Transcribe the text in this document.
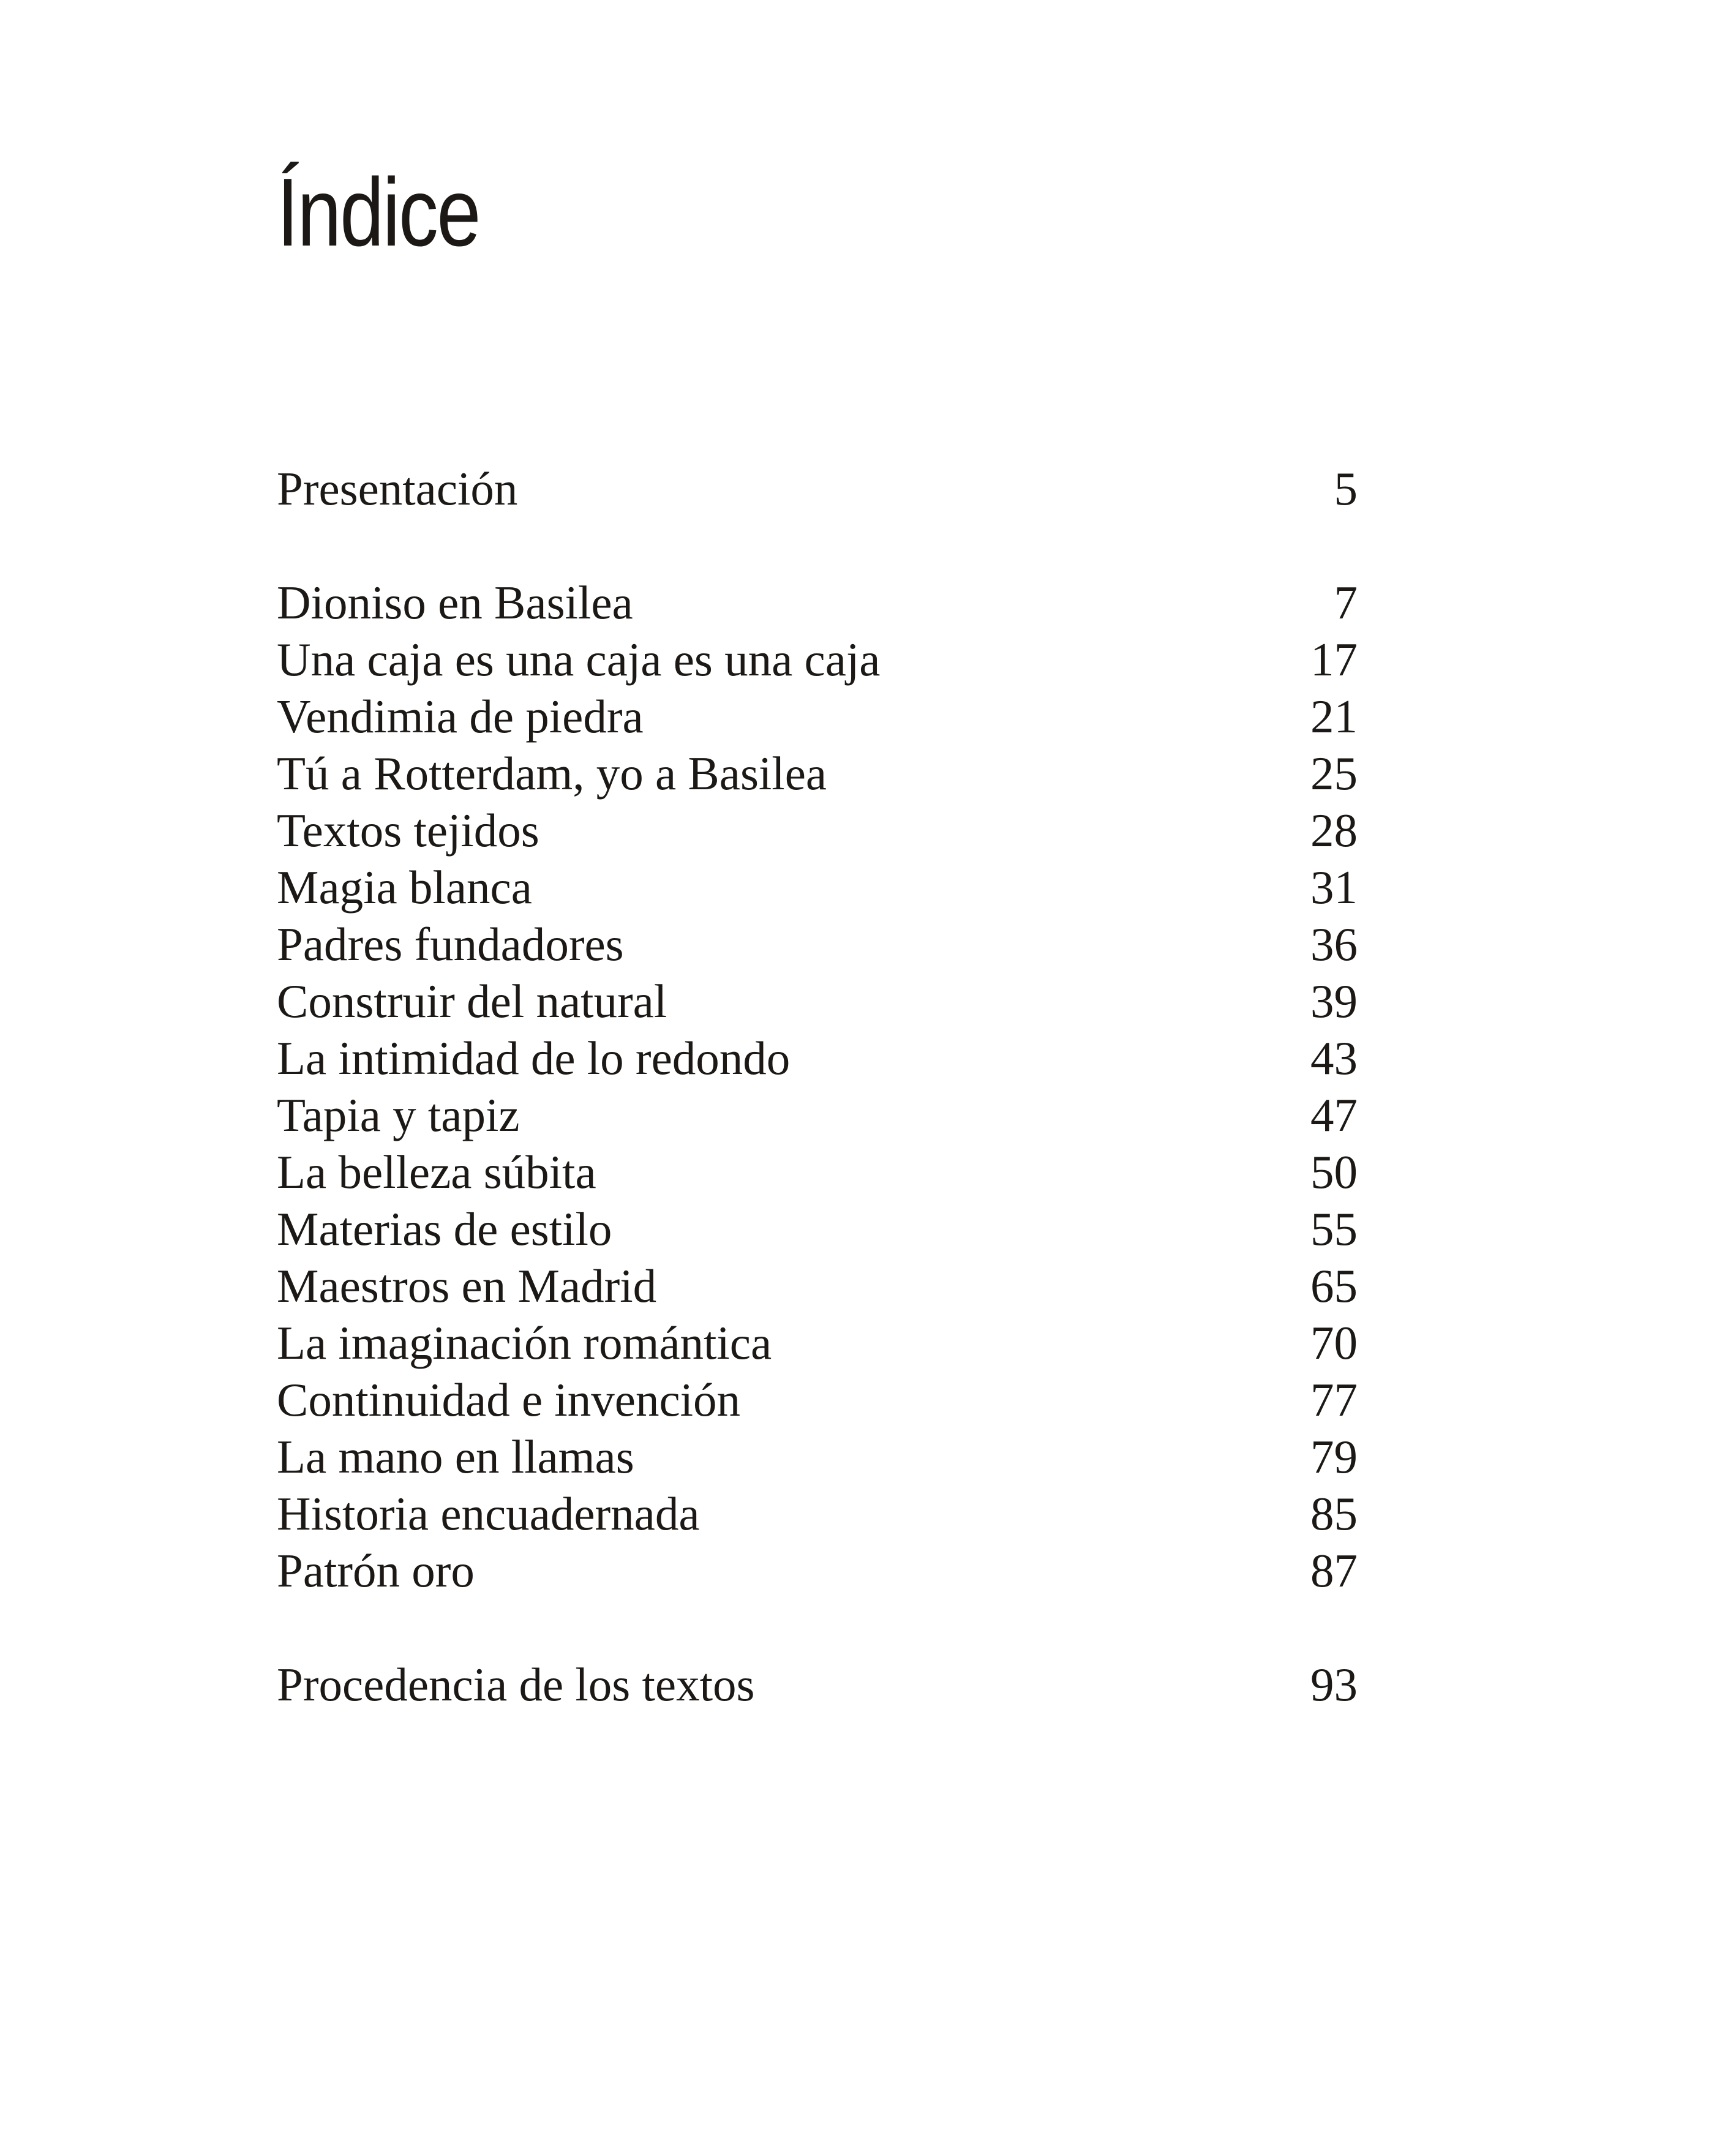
Índice
Presentación	5
Dioniso en Basilea	7
Una caja es una caja es una caja	17
Vendimia de piedra	21
Tú a Rotterdam, yo a Basilea	25
Textos tejidos	28
Magia blanca	31
Padres fundadores	36
Construir del natural	39
La intimidad de lo redondo	43
Tapia y tapiz	47
La belleza súbita	50
Materias de estilo	55
Maestros en Madrid	65
La imaginación romántica	70
Continuidad e invención	77
La mano en llamas	79
Historia encuadernada	85
Patrón oro	87
Procedencia de los textos	93
